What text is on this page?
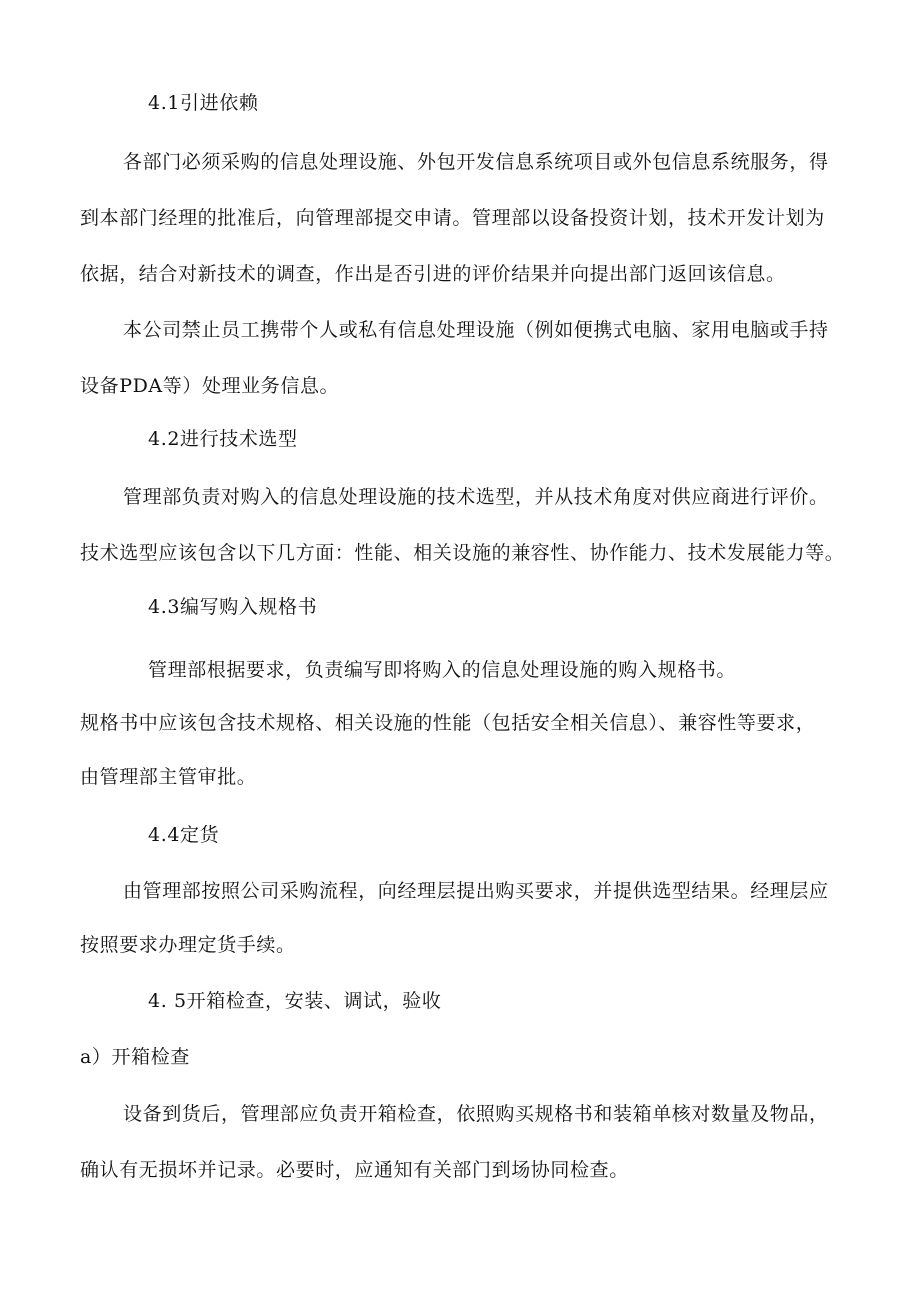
4.1引进依赖
各部门必须采购的信息处理设施、外包开发信息系统项目或外包信息系统服务，得
到本部门经理的批准后，向管理部提交申请。管理部以设备投资计划，技术开发计划为
依据，结合对新技术的调查，作出是否引进的评价结果并向提出部门返回该信息。
本公司禁止员工携带个人或私有信息处理设施（例如便携式电脑、家用电脑或手持
设备PDA等）处理业务信息。
4.2进行技术选型
管理部负责对购入的信息处理设施的技术选型，并从技术角度对供应商进行评价。
技术选型应该包含以下几方面：性能、相关设施的兼容性、协作能力、技术发展能力等。
4.3编写购入规格书
管理部根据要求，负责编写即将购入的信息处理设施的购入规格书。
规格书中应该包含技术规格、相关设施的性能（包括安全相关信息）、兼容性等要求，
由管理部主管审批。
4.4定货
由管理部按照公司采购流程，向经理层提出购买要求，并提供选型结果。经理层应
按照要求办理定货手续。
4. 5开箱检查，安装、调试，验收
a）开箱检查
设备到货后，管理部应负责开箱检查，依照购买规格书和装箱单核对数量及物品，
确认有无损坏并记录。必要时，应通知有关部门到场协同检查。
